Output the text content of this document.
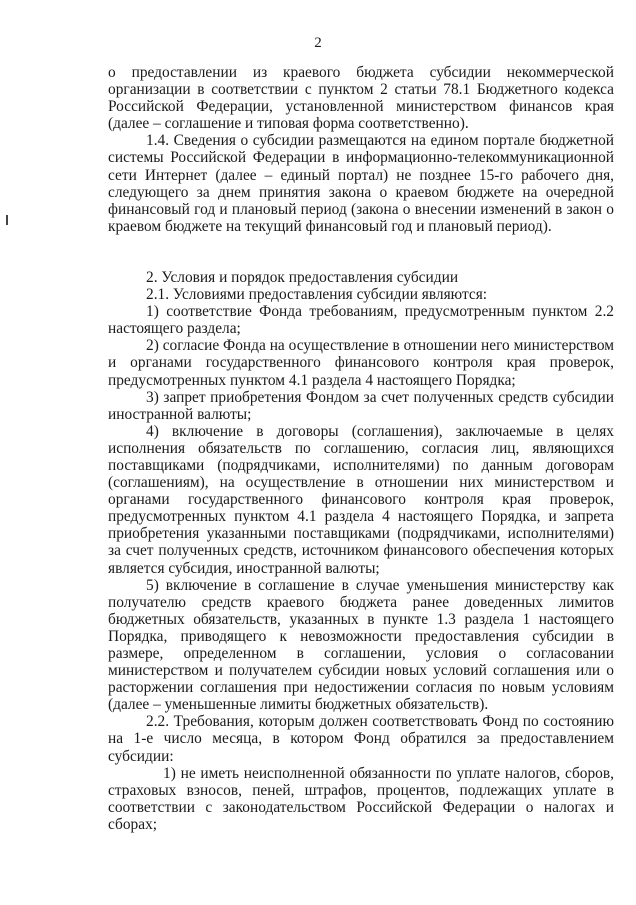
2

о предоставлении из краевого бюджета субсидии некоммерческой организации в соответствии с пунктом 2 статьи 78.1 Бюджетного кодекса Российской Федерации, установленной министерством финансов края (далее – соглашение и типовая форма соответственно).

1.4. Сведения о субсидии размещаются на едином портале бюджетной системы Российской Федерации в информационно-телекоммуникационной сети Интернет (далее – единый портал) не позднее 15-го рабочего дня, следующего за днем принятия закона о краевом бюджете на очередной финансовый год и плановый период (закона о внесении изменений в закон о краевом бюджете на текущий финансовый год и плановый период).

2. Условия и порядок предоставления субсидии

2.1. Условиями предоставления субсидии являются:

1) соответствие Фонда требованиям, предусмотренным пунктом 2.2 настоящего раздела;

2) согласие Фонда на осуществление в отношении него министерством и органами государственного финансового контроля края проверок, предусмотренных пунктом 4.1 раздела 4 настоящего Порядка;

3) запрет приобретения Фондом за счет полученных средств субсидии иностранной валюты;

4) включение в договоры (соглашения), заключаемые в целях исполнения обязательств по соглашению, согласия лиц, являющихся поставщиками (подрядчиками, исполнителями) по данным договорам (соглашениям), на осуществление в отношении них министерством и органами государственного финансового контроля края проверок, предусмотренных пунктом 4.1 раздела 4 настоящего Порядка, и запрета приобретения указанными поставщиками (подрядчиками, исполнителями) за счет полученных средств, источником финансового обеспечения которых является субсидия, иностранной валюты;

5) включение в соглашение в случае уменьшения министерству как получателю средств краевого бюджета ранее доведенных лимитов бюджетных обязательств, указанных в пункте 1.3 раздела 1 настоящего Порядка, приводящего к невозможности предоставления субсидии в размере, определенном в соглашении, условия о согласовании министерством и получателем субсидии новых условий соглашения или о расторжении соглашения при недостижении согласия по новым условиям (далее – уменьшенные лимиты бюджетных обязательств).

2.2. Требования, которым должен соответствовать Фонд по состоянию на 1-е число месяца, в котором Фонд обратился за предоставлением субсидии:

1) не иметь неисполненной обязанности по уплате налогов, сборов, страховых взносов, пеней, штрафов, процентов, подлежащих уплате в соответствии с законодательством Российской Федерации о налогах и сборах;
